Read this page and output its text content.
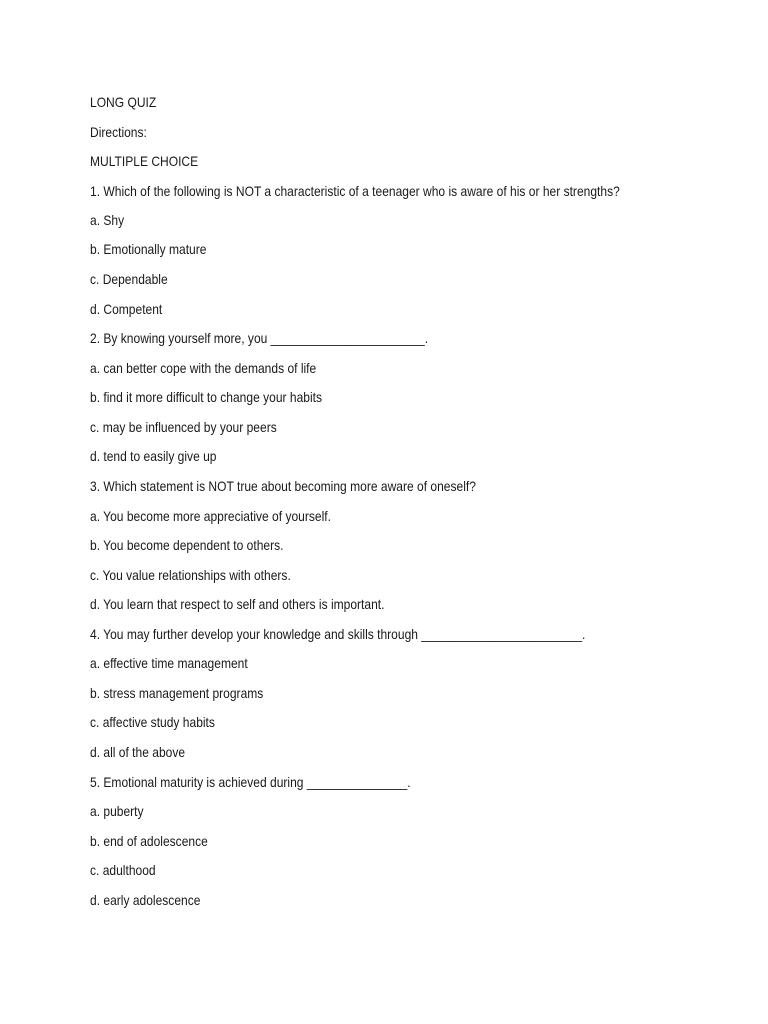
LONG QUIZ

Directions:

MULTIPLE CHOICE

1. Which of the following is NOT a characteristic of a teenager who is aware of his or her strengths?

a. Shy

b. Emotionally mature

c. Dependable

d. Competent

2. By knowing yourself more, you _______________________.

a. can better cope with the demands of life

b. find it more difficult to change your habits

c. may be influenced by your peers

d. tend to easily give up

3. Which statement is NOT true about becoming more aware of oneself?

a. You become more appreciative of yourself.

b. You become dependent to others.

c. You value relationships with others.

d. You learn that respect to self and others is important.

4. You may further develop your knowledge and skills through ________________________.

a. effective time management

b. stress management programs

c. affective study habits

d. all of the above

5. Emotional maturity is achieved during _______________.

a. puberty

b. end of adolescence

c. adulthood

d. early adolescence
